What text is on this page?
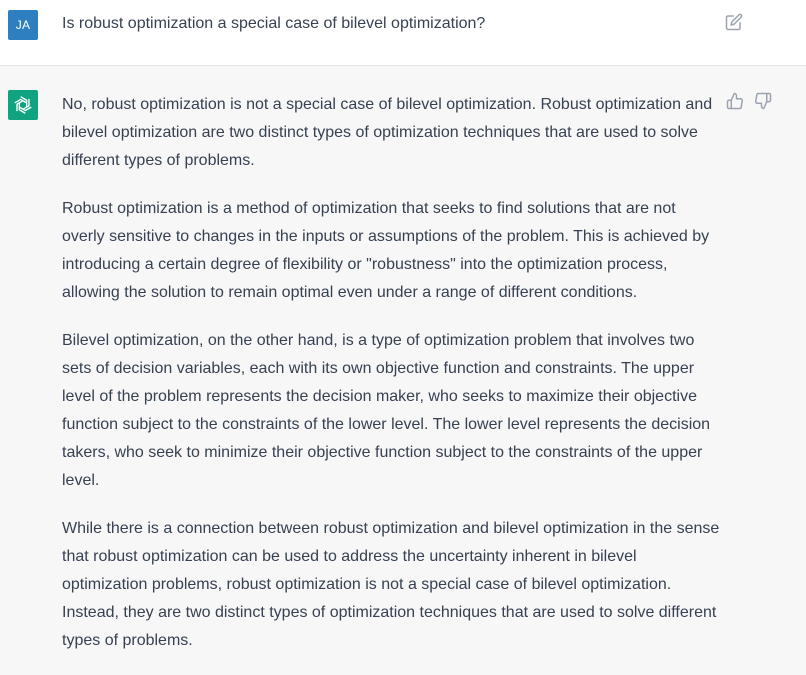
JA	Is robust optimization a special case of bilevel optimization?

No, robust optimization is not a special case of bilevel optimization. Robust optimization and bilevel optimization are two distinct types of optimization techniques that are used to solve different types of problems.

Robust optimization is a method of optimization that seeks to find solutions that are not overly sensitive to changes in the inputs or assumptions of the problem. This is achieved by introducing a certain degree of flexibility or "robustness" into the optimization process, allowing the solution to remain optimal even under a range of different conditions.

Bilevel optimization, on the other hand, is a type of optimization problem that involves two sets of decision variables, each with its own objective function and constraints. The upper level of the problem represents the decision maker, who seeks to maximize their objective function subject to the constraints of the lower level. The lower level represents the decision takers, who seek to minimize their objective function subject to the constraints of the upper level.

While there is a connection between robust optimization and bilevel optimization in the sense that robust optimization can be used to address the uncertainty inherent in bilevel optimization problems, robust optimization is not a special case of bilevel optimization. Instead, they are two distinct types of optimization techniques that are used to solve different types of problems.
